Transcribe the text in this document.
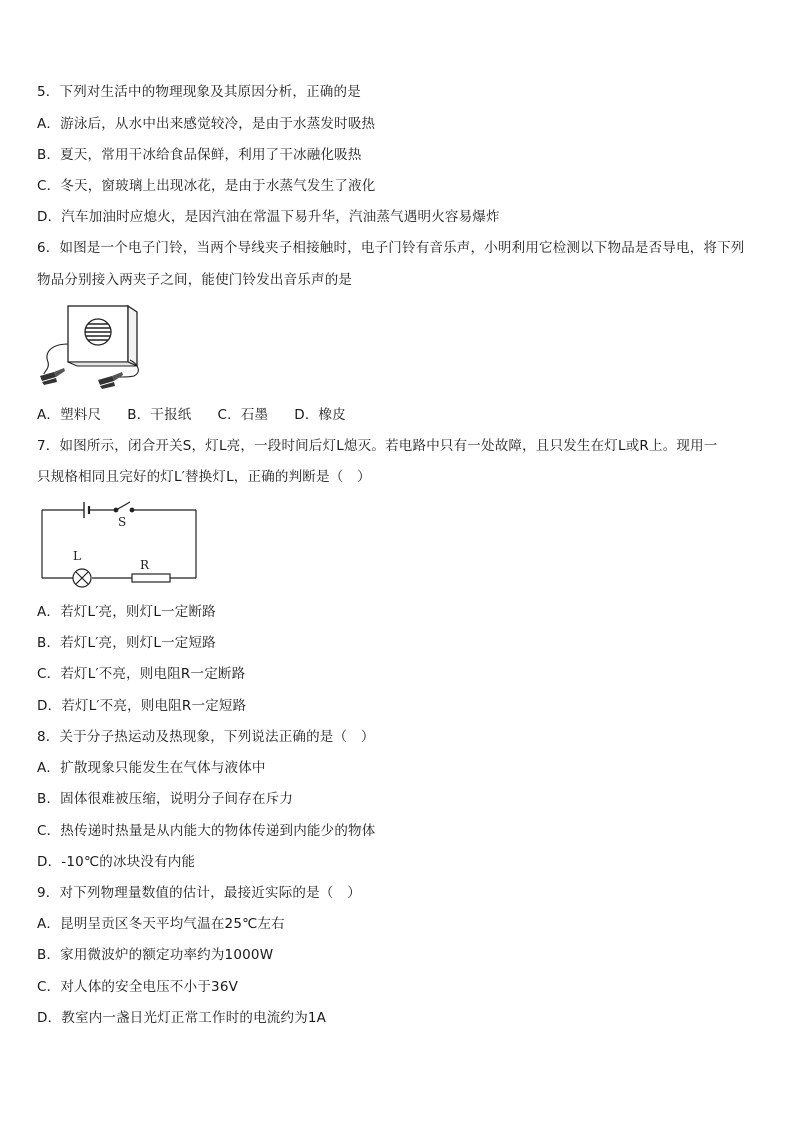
5．下列对生活中的物理现象及其原因分析，正确的是
A．游泳后，从水中出来感觉较冷，是由于水蒸发时吸热
B．夏天，常用干冰给食品保鲜，利用了干冰融化吸热
C．冬天，窗玻璃上出现冰花，是由于水蒸气发生了液化
D．汽车加油时应熄火，是因汽油在常温下易升华，汽油蒸气遇明火容易爆炸
6．如图是一个电子门铃，当两个导线夹子相接触时，电子门铃有音乐声，小明利用它检测以下物品是否导电，将下列
物品分别接入两夹子之间，能使门铃发出音乐声的是
A．塑料尺 B．干报纸 C．石墨 D．橡皮
7．如图所示，闭合开关S，灯L亮，一段时间后灯L熄灭。若电路中只有一处故障，且只发生在灯L或R上。现用一
只规格相同且完好的灯L′替换灯L，正确的判断是（　）
S
L
R
A．若灯L′亮，则灯L一定断路
B．若灯L′亮，则灯L一定短路
C．若灯L′不亮，则电阻R一定断路
D．若灯L′不亮，则电阻R一定短路
8．关于分子热运动及热现象，下列说法正确的是（　）
A．扩散现象只能发生在气体与液体中
B．固体很难被压缩，说明分子间存在斥力
C．热传递时热量是从内能大的物体传递到内能少的物体
D．-10℃的冰块没有内能
9．对下列物理量数值的估计，最接近实际的是（　）
A．昆明呈贡区冬天平均气温在25℃左右
B．家用微波炉的额定功率约为1000W
C．对人体的安全电压不小于36V
D．教室内一盏日光灯正常工作时的电流约为1A
